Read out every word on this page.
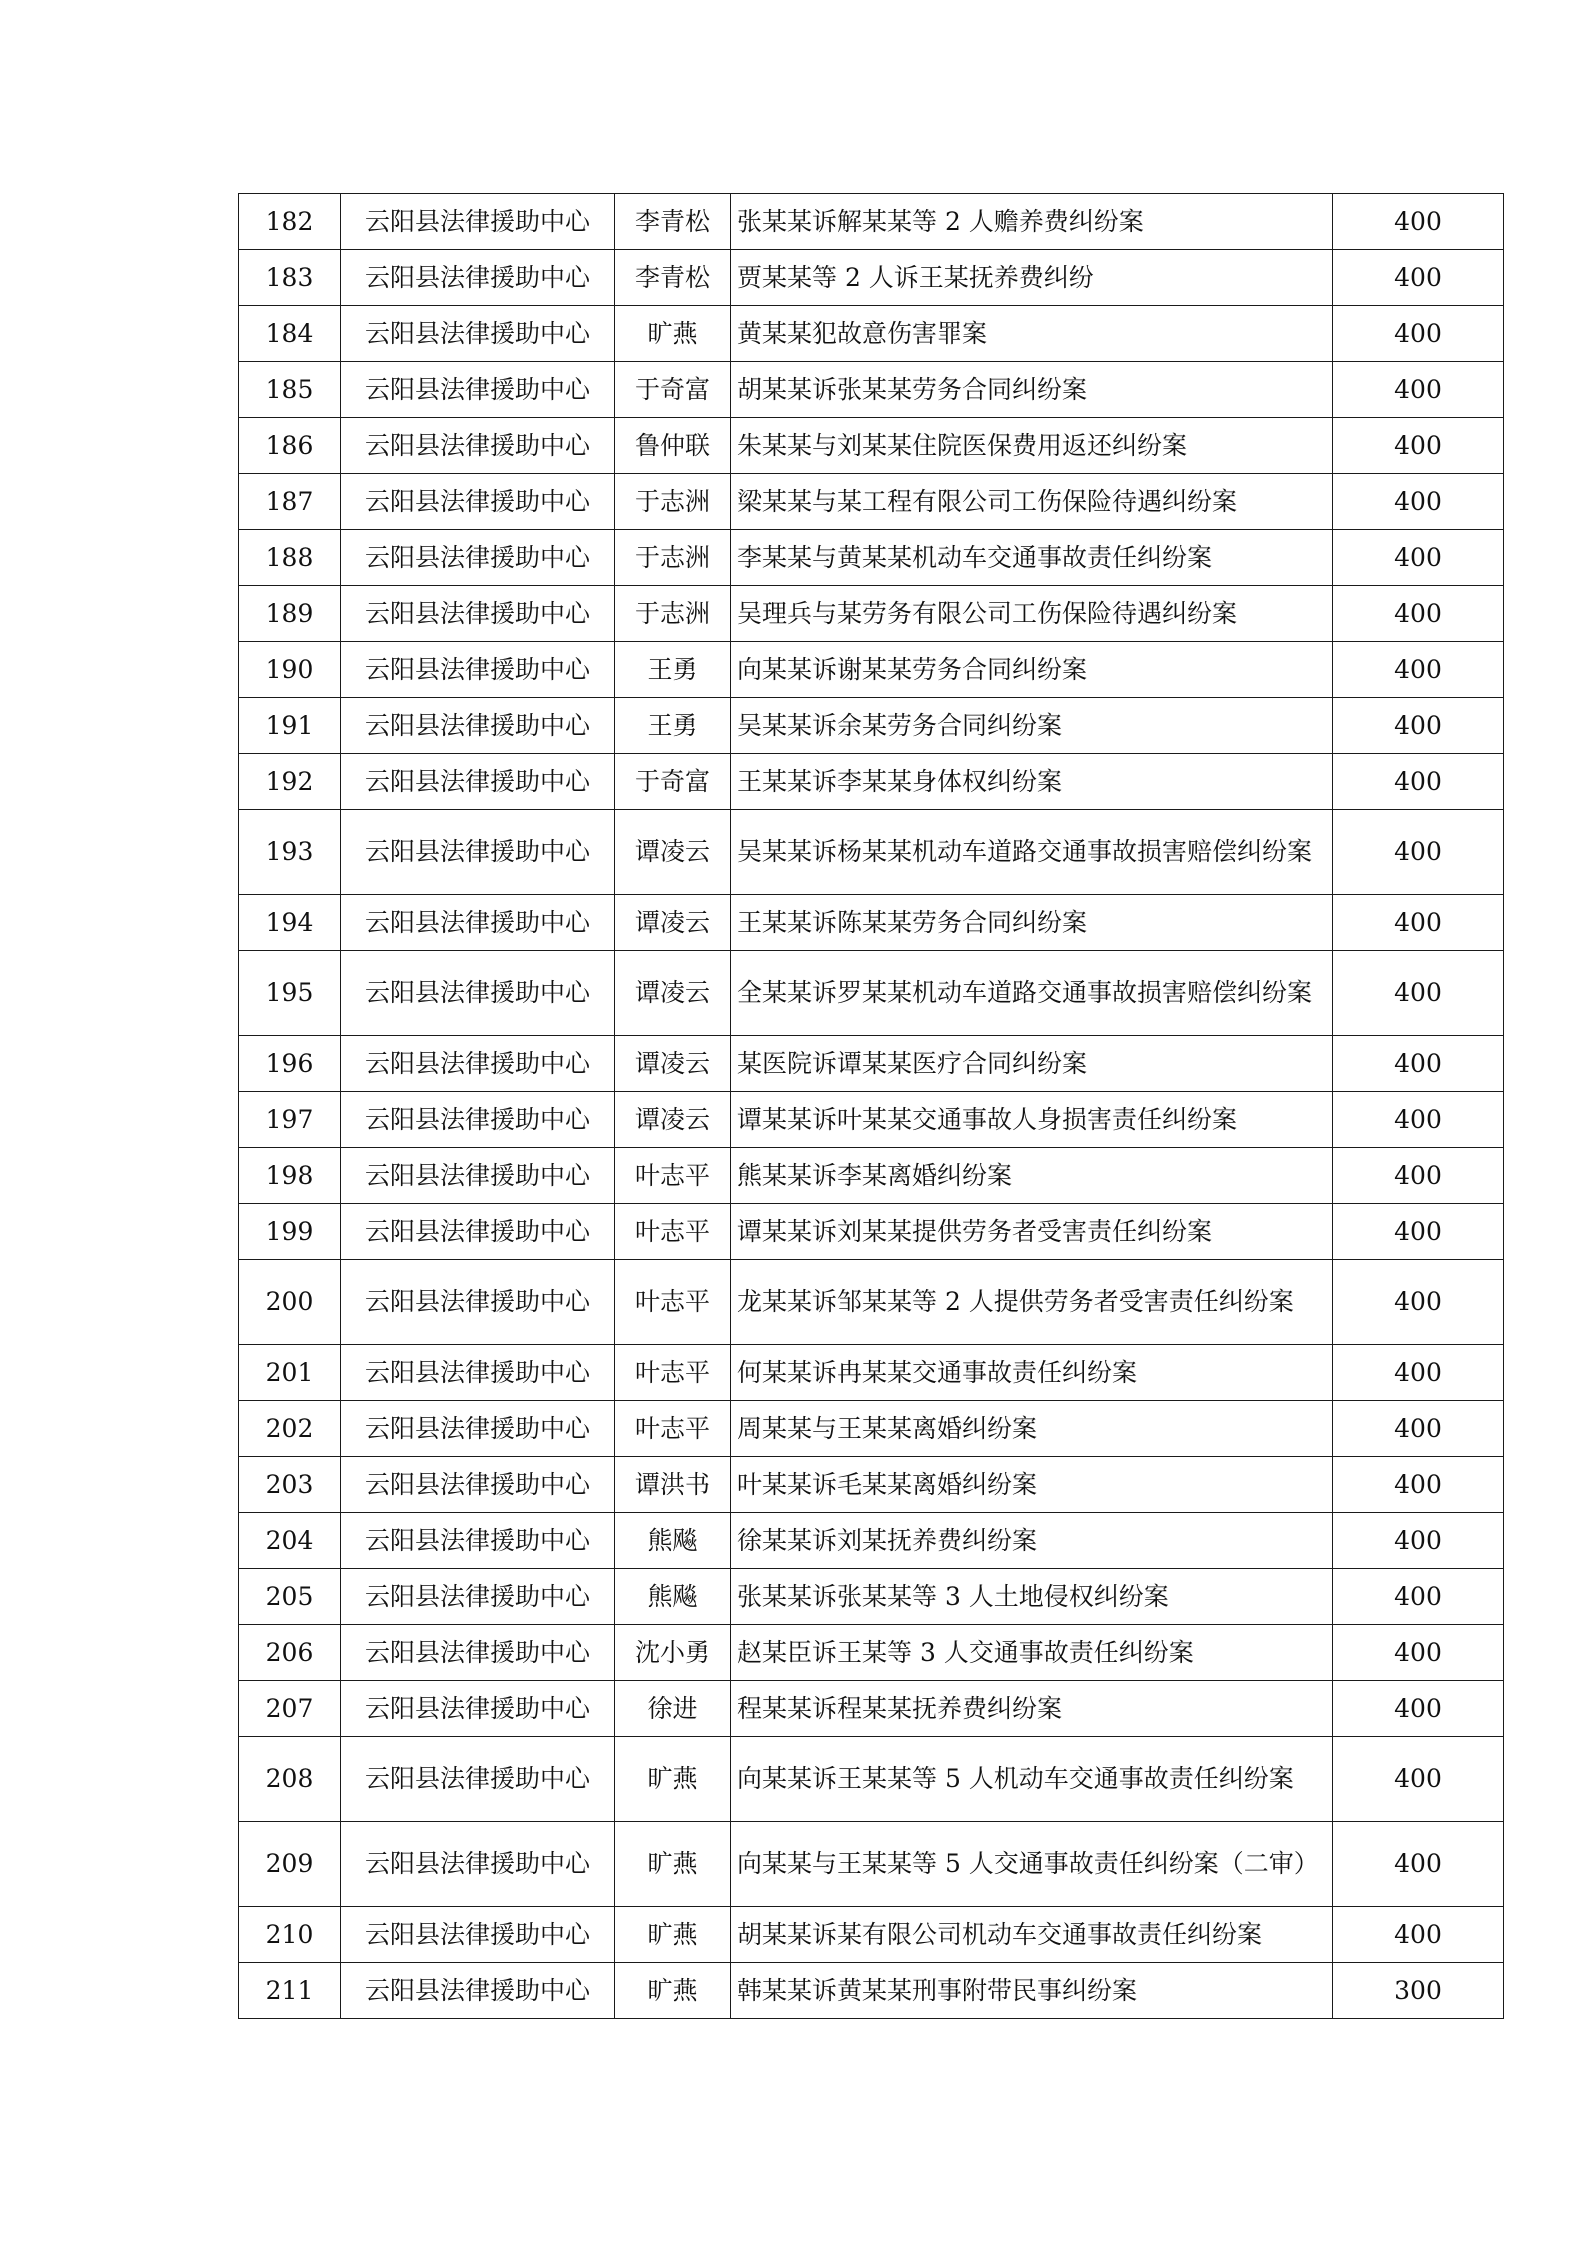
182	云阳县法律援助中心	李青松	张某某诉解某某等 2 人赡养费纠纷案	400
183	云阳县法律援助中心	李青松	贾某某等 2 人诉王某抚养费纠纷	400
184	云阳县法律援助中心	旷燕	黄某某犯故意伤害罪案	400
185	云阳县法律援助中心	于奇富	胡某某诉张某某劳务合同纠纷案	400
186	云阳县法律援助中心	鲁仲联	朱某某与刘某某住院医保费用返还纠纷案	400
187	云阳县法律援助中心	于志洲	梁某某与某工程有限公司工伤保险待遇纠纷案	400
188	云阳县法律援助中心	于志洲	李某某与黄某某机动车交通事故责任纠纷案	400
189	云阳县法律援助中心	于志洲	吴理兵与某劳务有限公司工伤保险待遇纠纷案	400
190	云阳县法律援助中心	王勇	向某某诉谢某某劳务合同纠纷案	400
191	云阳县法律援助中心	王勇	吴某某诉余某劳务合同纠纷案	400
192	云阳县法律援助中心	于奇富	王某某诉李某某身体权纠纷案	400
193	云阳县法律援助中心	谭凌云	吴某某诉杨某某机动车道路交通事故损害赔偿纠纷案	400
194	云阳县法律援助中心	谭凌云	王某某诉陈某某劳务合同纠纷案	400
195	云阳县法律援助中心	谭凌云	全某某诉罗某某机动车道路交通事故损害赔偿纠纷案	400
196	云阳县法律援助中心	谭凌云	某医院诉谭某某医疗合同纠纷案	400
197	云阳县法律援助中心	谭凌云	谭某某诉叶某某交通事故人身损害责任纠纷案	400
198	云阳县法律援助中心	叶志平	熊某某诉李某离婚纠纷案	400
199	云阳县法律援助中心	叶志平	谭某某诉刘某某提供劳务者受害责任纠纷案	400
200	云阳县法律援助中心	叶志平	龙某某诉邹某某等 2 人提供劳务者受害责任纠纷案	400
201	云阳县法律援助中心	叶志平	何某某诉冉某某交通事故责任纠纷案	400
202	云阳县法律援助中心	叶志平	周某某与王某某离婚纠纷案	400
203	云阳县法律援助中心	谭洪书	叶某某诉毛某某离婚纠纷案	400
204	云阳县法律援助中心	熊飚	徐某某诉刘某抚养费纠纷案	400
205	云阳县法律援助中心	熊飚	张某某诉张某某等 3 人土地侵权纠纷案	400
206	云阳县法律援助中心	沈小勇	赵某臣诉王某等 3 人交通事故责任纠纷案	400
207	云阳县法律援助中心	徐进	程某某诉程某某抚养费纠纷案	400
208	云阳县法律援助中心	旷燕	向某某诉王某某等 5 人机动车交通事故责任纠纷案	400
209	云阳县法律援助中心	旷燕	向某某与王某某等 5 人交通事故责任纠纷案（二审）	400
210	云阳县法律援助中心	旷燕	胡某某诉某有限公司机动车交通事故责任纠纷案	400
211	云阳县法律援助中心	旷燕	韩某某诉黄某某刑事附带民事纠纷案	300
